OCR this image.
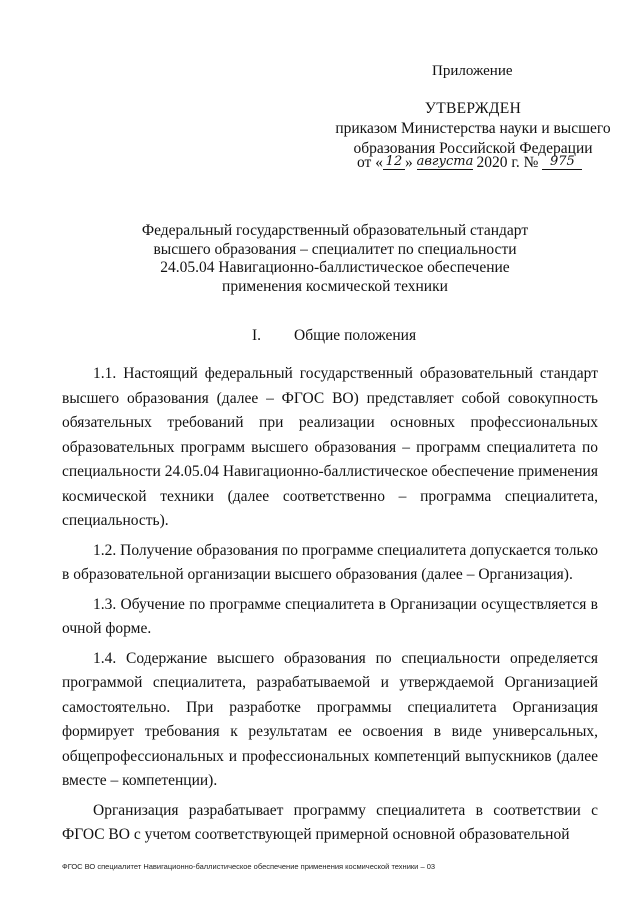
Приложение
УТВЕРЖДЕН
приказом Министерства науки и высшего
образования Российской Федерации
от « 12 » августа 2020 г. № 975
Федеральный государственный образовательный стандарт
высшего образования – специалитет по специальности
24.05.04 Навигационно-баллистическое обеспечение
применения космической техники
I. Общие положения

1.1. Настоящий федеральный государственный образовательный стандарт высшего образования (далее – ФГОС ВО) представляет собой совокупность обязательных требований при реализации основных профессиональных образовательных программ высшего образования – программ специалитета по специальности 24.05.04 Навигационно-баллистическое обеспечение применения космической техники (далее соответственно – программа специалитета, специальность).

1.2. Получение образования по программе специалитета допускается только в образовательной организации высшего образования (далее – Организация).

1.3. Обучение по программе специалитета в Организации осуществляется в очной форме.

1.4. Содержание высшего образования по специальности определяется программой специалитета, разрабатываемой и утверждаемой Организацией самостоятельно. При разработке программы специалитета Организация формирует требования к результатам ее освоения в виде универсальных, общепрофессиональных и профессиональных компетенций выпускников (далее вместе – компетенции).

Организация разрабатывает программу специалитета в соответствии с ФГОС ВО с учетом соответствующей примерной основной образовательной

ФГОС ВО специалитет Навигационно-баллистическое обеспечение применения космической техники – 03
